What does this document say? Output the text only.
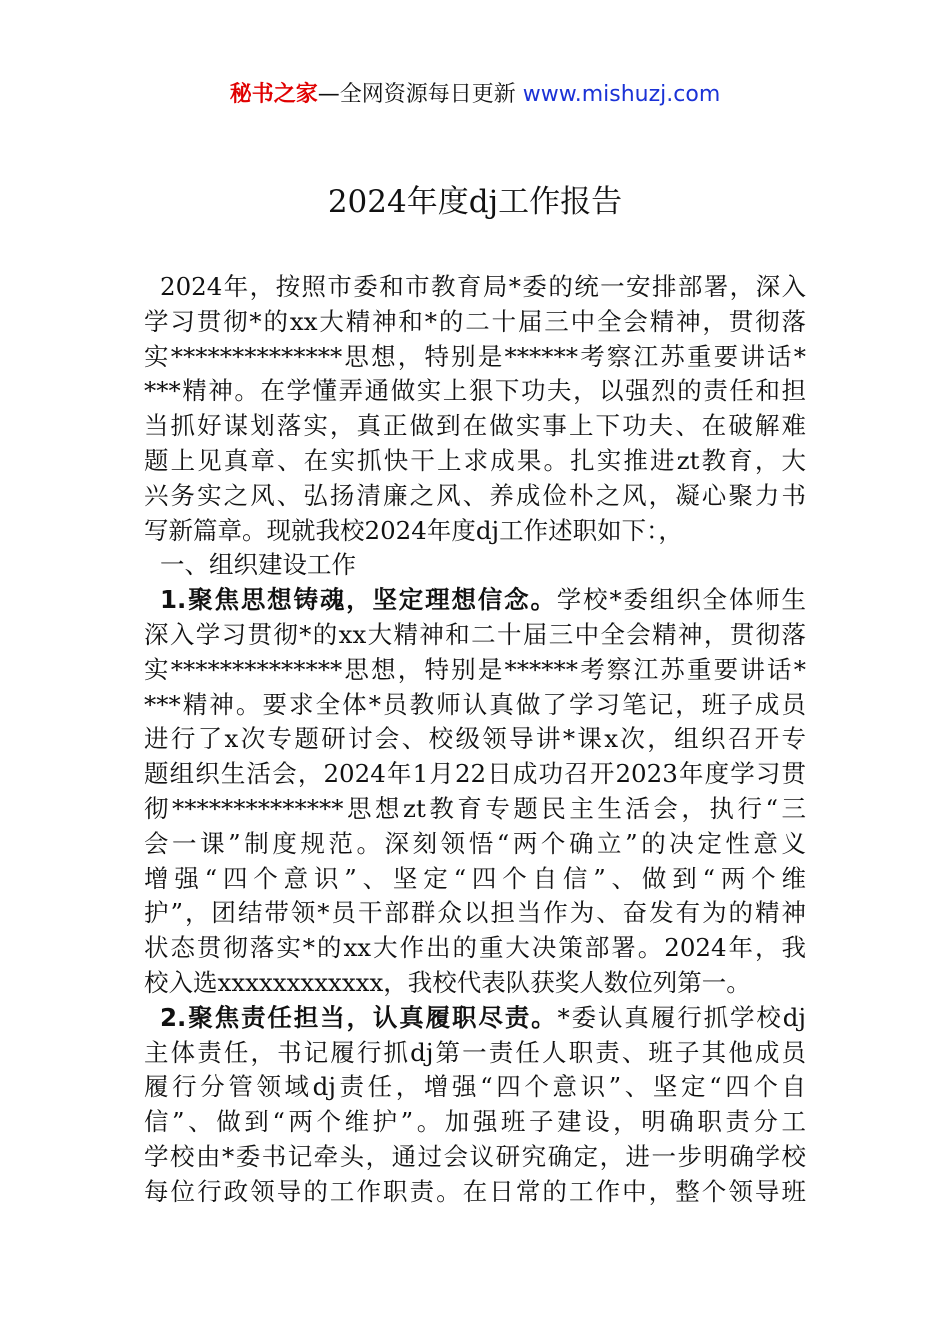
秘书之家—全网资源每日更新 www.mishuzj.com
2024年度dj工作报告

2024年，按照市委和市教育局*委的统一安排部署，深入
学习贯彻*的xx大精神和*的二十届三中全会精神，贯彻落
实**************思想，特别是******考察江苏重要讲话*
***精神。在学懂弄通做实上狠下功夫，以强烈的责任和担
当抓好谋划落实，真正做到在做实事上下功夫、在破解难
题上见真章、在实抓快干上求成果。扎实推进zt教育，大
兴务实之风、弘扬清廉之风、养成俭朴之风，凝心聚力书
写新篇章。现就我校2024年度dj工作述职如下：，

一、组织建设工作

1.聚焦思想铸魂，坚定理想信念。学校*委组织全体师生
深入学习贯彻*的xx大精神和二十届三中全会精神，贯彻落
实**************思想，特别是******考察江苏重要讲话*
***精神。要求全体*员教师认真做了学习笔记，班子成员
进行了x次专题研讨会、校级领导讲*课x次，组织召开专
题组织生活会，2024年1月22日成功召开2023年度学习贯
彻**************思想zt教育专题民主生活会，执行“三
会一课”制度规范。深刻领悟“两个确立”的决定性意义
增强“四个意识”、坚定“四个自信”、做到“两个维
护”，团结带领*员干部群众以担当作为、奋发有为的精神
状态贯彻落实*的xx大作出的重大决策部署。2024年，我
校入选xxxxxxxxxxxx，我校代表队获奖人数位列第一。

2.聚焦责任担当，认真履职尽责。*委认真履行抓学校dj
主体责任，书记履行抓dj第一责任人职责、班子其他成员
履行分管领域dj责任，增强“四个意识”、坚定“四个自
信”、做到“两个维护”。加强班子建设，明确职责分工
学校由*委书记牵头，通过会议研究确定，进一步明确学校
每位行政领导的工作职责。在日常的工作中，整个领导班
